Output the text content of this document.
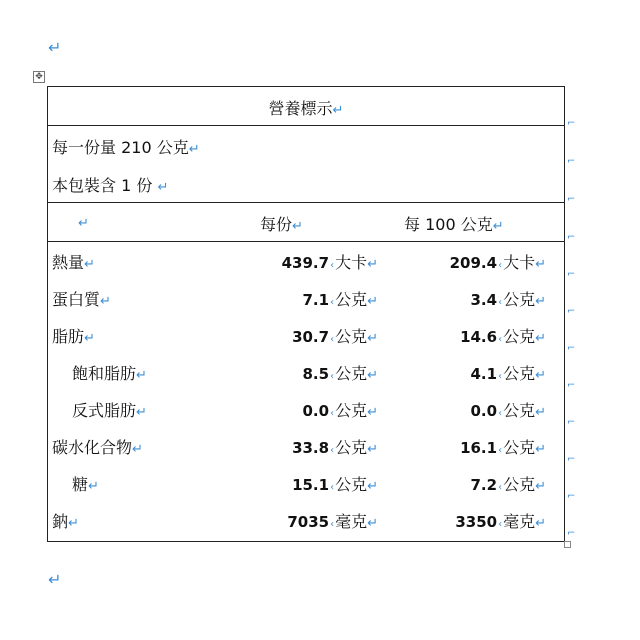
↵
✥
營養標示↵
每一份量 210 公克↵
本包裝含 1 份 ↵
↵	每份↵	每 100 公克↵
熱量↵	439.7‹大卡↵	209.4‹大卡↵
蛋白質↵	7.1‹公克↵	3.4‹公克↵
脂肪↵	30.7‹公克↵	14.6‹公克↵
飽和脂肪↵	8.5‹公克↵	4.1‹公克↵
反式脂肪↵	0.0‹公克↵	0.0‹公克↵
碳水化合物↵	33.8‹公克↵	16.1‹公克↵
糖↵	15.1‹公克↵	7.2‹公克↵
鈉↵	7035‹毫克↵	3350‹毫克↵
⌐
⌐
⌐
⌐
⌐
⌐
⌐
⌐
⌐
⌐
⌐
⌐
↵
